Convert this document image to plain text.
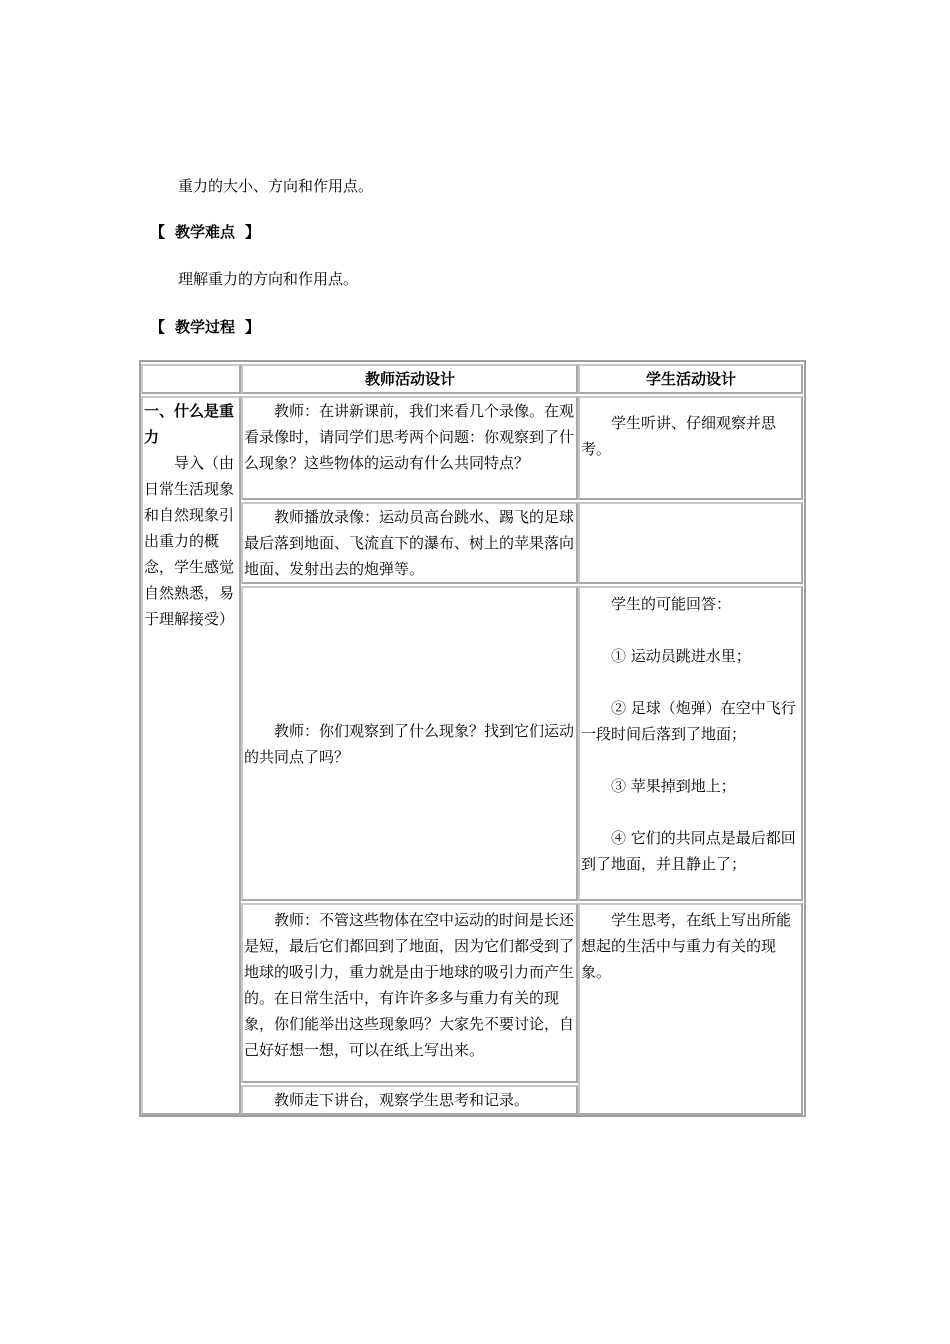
重力的大小、方向和作用点。
【 教学难点 】
理解重力的方向和作用点。
【 教学过程 】
教师活动设计	学生活动设计
一、什么是重力
导入（由日常生活现象和自然现象引出重力的概念，学生感觉自然熟悉，易于理解接受）
教师：在讲新课前，我们来看几个录像。在观看录像时，请同学们思考两个问题：你观察到了什么现象？这些物体的运动有什么共同特点？
学生听讲、仔细观察并思考。
教师播放录像：运动员高台跳水、踢飞的足球最后落到地面、飞流直下的瀑布、树上的苹果落向地面、发射出去的炮弹等。
教师：你们观察到了什么现象？找到它们运动的共同点了吗？
学生的可能回答：
① 运动员跳进水里；
② 足球（炮弹）在空中飞行一段时间后落到了地面；
③ 苹果掉到地上；
④ 它们的共同点是最后都回到了地面，并且静止了；
教师：不管这些物体在空中运动的时间是长还是短，最后它们都回到了地面，因为它们都受到了地球的吸引力，重力就是由于地球的吸引力而产生的。在日常生活中，有许许多多与重力有关的现象，你们能举出这些现象吗？大家先不要讨论，自己好好想一想，可以在纸上写出来。
学生思考，在纸上写出所能想起的生活中与重力有关的现象。
教师走下讲台，观察学生思考和记录。
